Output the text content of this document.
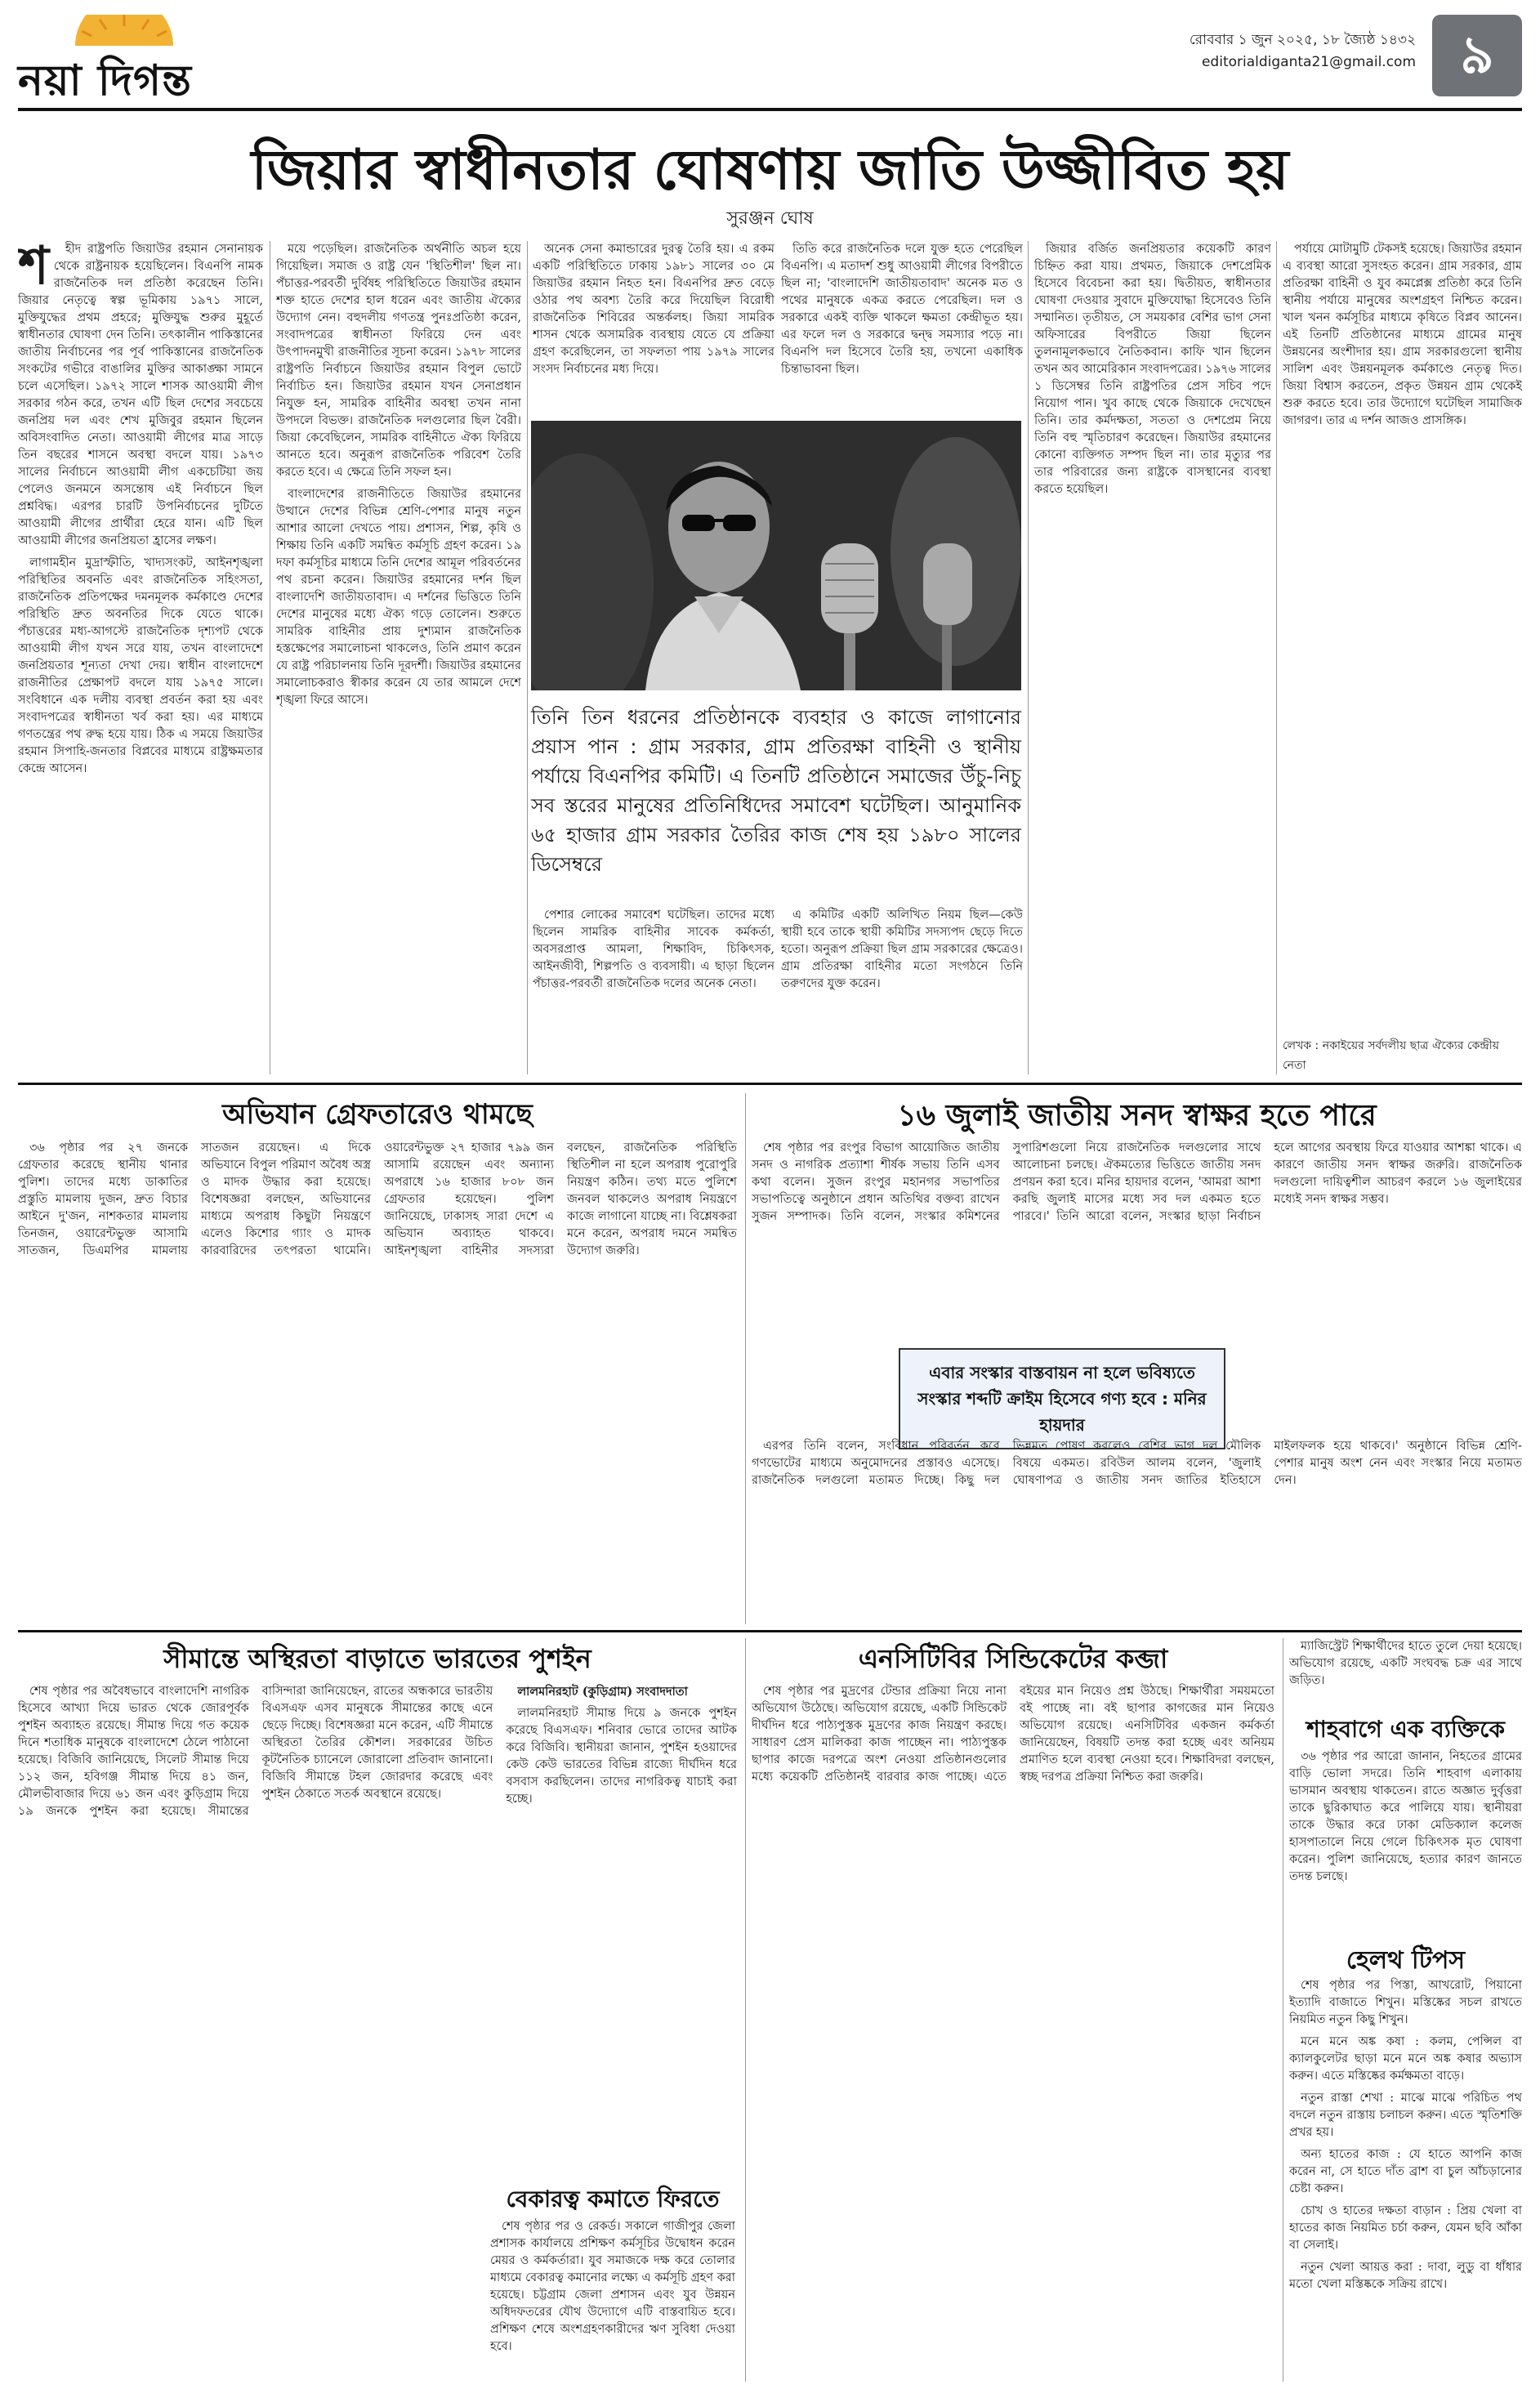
নয়া দিগন্ত
রোববার ১ জুন ২০২৫, ১৮ জ্যৈষ্ঠ ১৪৩২
editorialdiganta21@gmail.com ৯
জিয়ার স্বাধীনতার ঘোষণায় জাতি উজ্জীবিত হয়
সুরঞ্জন ঘোষ
শ	হীদ রাষ্ট্রপতি জিয়াউর রহমান সেনানায়ক থেকে রাষ্ট্রনায়ক হয়েছিলেন। বিএনপি নামক রাজনৈতিক দল প্রতিষ্ঠা করেছেন তিনি। জিয়ার নেতৃত্বে স্বল্প ভূমিকায় ১৯৭১ সালে, মুক্তিযুদ্ধের প্রথম প্রহরে; মুক্তিযুদ্ধ শুরুর মুহূর্তে স্বাধীনতার ঘোষণা দেন তিনি। তৎকালীন পাকিস্তানের জাতীয় নির্বাচনের পর পূর্ব পাকিস্তানের রাজনৈতিক সংকটের গভীরে বাঙালির মুক্তির আকাঙ্ক্ষা সামনে চলে এসেছিল। ১৯৭২ সালে শাসক আওয়ামী লীগ সরকার গঠন করে, তখন এটি ছিল দেশের সবচেয়ে জনপ্রিয় দল এবং শেখ মুজিবুর রহমান ছিলেন অবিসংবাদিত নেতা। আওয়ামী লীগের মাত্র সাড়ে তিন বছরের শাসনে অবস্থা বদলে যায়। ১৯৭৩ সালের নির্বাচনে আওয়ামী লীগ একচেটিয়া জয় পেলেও জনমনে অসন্তোষ এই নির্বাচনে ছিল প্রশ্নবিদ্ধ। এরপর চারটি উপনির্বাচনের দুটিতে আওয়ামী লীগের প্রার্থীরা হেরে যান। এটি ছিল আওয়ামী লীগের জনপ্রিয়তা হ্রাসের লক্ষণ।

লাগামহীন মুদ্রাস্ফীতি, খাদ্যসংকট, আইনশৃঙ্খলা পরিস্থিতির অবনতি এবং রাজনৈতিক সহিংসতা, রাজনৈতিক প্রতিপক্ষের দমনমূলক কর্মকাণ্ডে দেশের পরিস্থিতি দ্রুত অবনতির দিকে যেতে থাকে। পঁচাত্তরের মধ্য-আগস্টে রাজনৈতিক দৃশ্যপট থেকে আওয়ামী লীগ যখন সরে যায়, তখন বাংলাদেশে জনপ্রিয়তার শূন্যতা দেখা দেয়। স্বাধীন বাংলাদেশে রাজনীতির প্রেক্ষাপট বদলে যায় ১৯৭৫ সালে। সংবিধানে এক দলীয় ব্যবস্থা প্রবর্তন করা হয় এবং সংবাদপত্রের স্বাধীনতা খর্ব করা হয়। এর মাধ্যমে গণতন্ত্রের পথ রুদ্ধ হয়ে যায়। ঠিক এ সময়ে জিয়াউর রহমান সিপাহি-জনতার বিপ্লবের মাধ্যমে রাষ্ট্রক্ষমতার কেন্দ্রে আসেন।

ময়ে পড়েছিল। রাজনৈতিক অর্থনীতি অচল হয়ে গিয়েছিল। সমাজ ও রাষ্ট্র যেন 'স্থিতিশীল' ছিল না। পঁচাত্তর-পরবর্তী দুর্বিষহ পরিস্থিতিতে জিয়াউর রহমান শক্ত হাতে দেশের হাল ধরেন এবং জাতীয় ঐক্যের উদ্যোগ নেন। বহুদলীয় গণতন্ত্র পুনঃপ্রতিষ্ঠা করেন, সংবাদপত্রের স্বাধীনতা ফিরিয়ে দেন এবং উৎপাদনমুখী রাজনীতির সূচনা করেন। ১৯৭৮ সালের রাষ্ট্রপতি নির্বাচনে জিয়াউর রহমান বিপুল ভোটে নির্বাচিত হন। জিয়াউর রহমান যখন সেনাপ্রধান নিযুক্ত হন, সামরিক বাহিনীর অবস্থা তখন নানা উপদলে বিভক্ত। রাজনৈতিক দলগুলোর ছিল বৈরী। জিয়া কেবেছিলেন, সামরিক বাহিনীতে ঐক্য ফিরিয়ে আনতে হবে। অনুরূপ রাজনৈতিক পরিবেশ তৈরি করতে হবে। এ ক্ষেত্রে তিনি সফল হন।

বাংলাদেশের রাজনীতিতে জিয়াউর রহমানের উত্থানে দেশের বিভিন্ন শ্রেণি-পেশার মানুষ নতুন আশার আলো দেখতে পায়। প্রশাসন, শিল্প, কৃষি ও শিক্ষায় তিনি একটি সমন্বিত কর্মসূচি গ্রহণ করেন। ১৯ দফা কর্মসূচির মাধ্যমে তিনি দেশের আমূল পরিবর্তনের পথ রচনা করেন। জিয়াউর রহমানের দর্শন ছিল বাংলাদেশি জাতীয়তাবাদ। এ দর্শনের ভিত্তিতে তিনি দেশের মানুষের মধ্যে ঐক্য গড়ে তোলেন। শুরুতে সামরিক বাহিনীর প্রায় দুশ্যমান রাজনৈতিক হস্তক্ষেপের সমালোচনা থাকলেও, তিনি প্রমাণ করেন যে রাষ্ট্র পরিচালনায় তিনি দূরদর্শী। জিয়াউর রহমানের সমালোচকরাও স্বীকার করেন যে তার আমলে দেশে শৃঙ্খলা ফিরে আসে।

অনেক সেনা কমান্ডারের দুরত্ব তৈরি হয়। এ রকম একটি পরিস্থিতিতে ঢাকায় ১৯৮১ সালের ৩০ মে জিয়াউর রহমান নিহত হন। বিএনপির দ্রুত বেড়ে ওঠার পথ অবশ্য তৈরি করে দিয়েছিল বিরোধী রাজনৈতিক শিবিরের অন্তর্কলহ। জিয়া সামরিক শাসন থেকে অসামরিক ব্যবস্থায় যেতে যে প্রক্রিয়া গ্রহণ করেছিলেন, তা সফলতা পায় ১৯৭৯ সালের সংসদ নির্বাচনের মধ্য দিয়ে।

তিতি করে রাজনৈতিক দলে যুক্ত হতে পেরেছিল বিএনপি। এ মতাদর্শ শুধু আওয়ামী লীগের বিপরীতে ছিল না; 'বাংলাদেশি জাতীয়তাবাদ' অনেক মত ও পথের মানুষকে একত্র করতে পেরেছিল। দল ও সরকারে একই ব্যক্তি থাকলে ক্ষমতা কেন্দ্রীভূত হয়। এর ফলে দল ও সরকারে দ্বন্দ্ব সমস্যার পড়ে না। বিএনপি দল হিসেবে তৈরি হয়, তখনো একাধিক চিন্তাভাবনা ছিল।

তিনি তিন ধরনের প্রতিষ্ঠানকে ব্যবহার ও কাজে লাগানোর প্রয়াস পান : গ্রাম সরকার, গ্রাম প্রতিরক্ষা বাহিনী ও স্থানীয় পর্যায়ে বিএনপির কমিটি। এ তিনটি প্রতিষ্ঠানে সমাজের উঁচু-নিচু সব স্তরের মানুষের প্রতিনিধিদের সমাবেশ ঘটেছিল। আনুমানিক ৬৫ হাজার গ্রাম সরকার তৈরির কাজ শেষ হয় ১৯৮০ সালের ডিসেম্বরে

পেশার লোকের সমাবেশ ঘটেছিল। তাদের মধ্যে ছিলেন সামরিক বাহিনীর সাবেক কর্মকর্তা, অবসরপ্রাপ্ত আমলা, শিক্ষাবিদ, চিকিৎসক, আইনজীবী, শিল্পপতি ও ব্যবসায়ী। এ ছাড়া ছিলেন পঁচাত্তর-পরবর্তী রাজনৈতিক দলের অনেক নেতা।

এ কমিটির একটি অলিখিত নিয়ম ছিল—কেউ স্থায়ী হবে তাকে স্থায়ী কমিটির সদস্যপদ ছেড়ে দিতে হতো। অনুরূপ প্রক্রিয়া ছিল গ্রাম সরকারের ক্ষেত্রেও। গ্রাম প্রতিরক্ষা বাহিনীর মতো সংগঠনে তিনি তরুণদের যুক্ত করেন।

জিয়ার বর্জিত জনপ্রিয়তার কয়েকটি কারণ চিহ্নিত করা যায়। প্রথমত, জিয়াকে দেশপ্রেমিক হিসেবে বিবেচনা করা হয়। দ্বিতীয়ত, স্বাধীনতার ঘোষণা দেওয়ার সুবাদে মুক্তিযোদ্ধা হিসেবেও তিনি সম্মানিত। তৃতীয়ত, সে সময়কার বেশির ভাগ সেনা অফিসারের বিপরীতে জিয়া ছিলেন তুলনামূলকভাবে নৈতিকবান। কাফি খান ছিলেন তখন অব আমেরিকান সংবাদপত্রের। ১৯৭৬ সালের ১ ডিসেম্বর তিনি রাষ্ট্রপতির প্রেস সচিব পদে নিয়োগ পান। খুব কাছে থেকে জিয়াকে দেখেছেন তিনি। তার কর্মদক্ষতা, সততা ও দেশপ্রেম নিয়ে তিনি বহু স্মৃতিচারণ করেছেন। জিয়াউর রহমানের কোনো ব্যক্তিগত সম্পদ ছিল না। তার মৃত্যুর পর তার পরিবারের জন্য রাষ্ট্রকে বাসস্থানের ব্যবস্থা করতে হয়েছিল।

পর্যায়ে মোটামুটি টেকসই হয়েছে। জিয়াউর রহমান এ ব্যবস্থা আরো সুসংহত করেন। গ্রাম সরকার, গ্রাম প্রতিরক্ষা বাহিনী ও যুব কমপ্লেক্স প্রতিষ্ঠা করে তিনি স্থানীয় পর্যায়ে মানুষের অংশগ্রহণ নিশ্চিত করেন। খাল খনন কর্মসূচির মাধ্যমে কৃষিতে বিপ্লব আনেন। এই তিনটি প্রতিষ্ঠানের মাধ্যমে গ্রামের মানুষ উন্নয়নের অংশীদার হয়। গ্রাম সরকারগুলো স্থানীয় সালিশ এবং উন্নয়নমূলক কর্মকাণ্ডে নেতৃত্ব দিত। জিয়া বিশ্বাস করতেন, প্রকৃত উন্নয়ন গ্রাম থেকেই শুরু করতে হবে। তার উদ্যোগে ঘটেছিল সামাজিক জাগরণ। তার এ দর্শন আজও প্রাসঙ্গিক।

লেখক : নকাইয়ের সর্বদলীয় ছাত্র ঐক্যের কেন্দ্রীয় নেতা
অভিযান গ্রেফতারেও থামছে

৩৬ পৃষ্ঠার পর ২৭ জনকে গ্রেফতার করেছে স্থানীয় থানার পুলিশ। তাদের মধ্যে ডাকাতির প্রস্তুতি মামলায় দুজন, দ্রুত বিচার আইনে দু'জন, নাশকতার মামলায় তিনজন, ওয়ারেন্টভুক্ত আসামি সাতজন, ডিএমপির মামলায় সাতজন রয়েছেন। এ দিকে অভিযানে বিপুল পরিমাণ অবৈধ অস্ত্র ও মাদক উদ্ধার করা হয়েছে। বিশেষজ্ঞরা বলছেন, অভিযানের মাধ্যমে অপরাধ কিছুটা নিয়ন্ত্রণে এলেও কিশোর গ্যাং ও মাদক কারবারিদের তৎপরতা থামেনি। ওয়ারেন্টভুক্ত ২৭ হাজার ৭৯৯ জন আসামি রয়েছেন এবং অন্যান্য অপরাধে ১৬ হাজার ৮০৮ জন গ্রেফতার হয়েছেন। পুলিশ জানিয়েছে, ঢাকাসহ সারা দেশে এ অভিযান অব্যাহত থাকবে। আইনশৃঙ্খলা বাহিনীর সদস্যরা বলছেন, রাজনৈতিক পরিস্থিতি স্থিতিশীল না হলে অপরাধ পুরোপুরি নিয়ন্ত্রণ কঠিন। তথ্য মতে পুলিশে জনবল থাকলেও অপরাধ নিয়ন্ত্রণে কাজে লাগানো যাচ্ছে না। বিশ্লেষকরা মনে করেন, অপরাধ দমনে সমন্বিত উদ্যোগ জরুরি।

১৬ জুলাই জাতীয় সনদ স্বাক্ষর হতে পারে

শেষ পৃষ্ঠার পর রংপুর বিভাগ আয়োজিত জাতীয় সনদ ও নাগরিক প্রত্যাশা শীর্ষক সভায় তিনি এসব কথা বলেন। সুজন রংপুর মহানগর সভাপতির সভাপতিত্বে অনুষ্ঠানে প্রধান অতিথির বক্তব্য রাখেন সুজন সম্পাদক। তিনি বলেন, সংস্কার কমিশনের সুপারিশগুলো নিয়ে রাজনৈতিক দলগুলোর সাথে আলোচনা চলছে। ঐকমত্যের ভিত্তিতে জাতীয় সনদ প্রণয়ন করা হবে। মনির হায়দার বলেন, 'আমরা আশা করছি জুলাই মাসের মধ্যে সব দল একমত হতে পারবে।' তিনি আরো বলেন, সংস্কার ছাড়া নির্বাচন হলে আগের অবস্থায় ফিরে যাওয়ার আশঙ্কা থাকে। এ কারণে জাতীয় সনদ স্বাক্ষর জরুরি। রাজনৈতিক দলগুলো দায়িত্বশীল আচরণ করলে ১৬ জুলাইয়ের মধ্যেই সনদ স্বাক্ষর সম্ভব।

এবার সংস্কার বাস্তবায়ন না হলে ভবিষ্যতে সংস্কার শব্দটি ক্রাইম হিসেবে গণ্য হবে : মনির হায়দার

এরপর তিনি বলেন, সংবিধান পরিবর্তন করে গণভোটের মাধ্যমে অনুমোদনের প্রস্তাবও এসেছে। রাজনৈতিক দলগুলো মতামত দিচ্ছে। কিছু দল ভিন্নমত পোষণ করলেও বেশির ভাগ দল মৌলিক বিষয়ে একমত। রবিউল আলম বলেন, 'জুলাই ঘোষণাপত্র ও জাতীয় সনদ জাতির ইতিহাসে মাইলফলক হয়ে থাকবে।' অনুষ্ঠানে বিভিন্ন শ্রেণি-পেশার মানুষ অংশ নেন এবং সংস্কার নিয়ে মতামত দেন।

সীমান্তে অস্থিরতা বাড়াতে ভারতের পুশইন

শেষ পৃষ্ঠার পর অবৈধভাবে বাংলাদেশি নাগরিক হিসেবে আখ্যা দিয়ে ভারত থেকে জোরপূর্বক পুশইন অব্যাহত রয়েছে। সীমান্ত দিয়ে গত কয়েক দিনে শতাধিক মানুষকে বাংলাদেশে ঠেলে পাঠানো হয়েছে। বিজিবি জানিয়েছে, সিলেট সীমান্ত দিয়ে ১১২ জন, হবিগঞ্জ সীমান্ত দিয়ে ৪১ জন, মৌলভীবাজার দিয়ে ৬১ জন এবং কুড়িগ্রাম দিয়ে ১৯ জনকে পুশইন করা হয়েছে। সীমান্তের বাসিন্দারা জানিয়েছেন, রাতের অন্ধকারে ভারতীয় বিএসএফ এসব মানুষকে সীমান্তের কাছে এনে ছেড়ে দিচ্ছে। বিশেষজ্ঞরা মনে করেন, এটি সীমান্তে অস্থিরতা তৈরির কৌশল। সরকারের উচিত কূটনৈতিক চ্যানেলে জোরালো প্রতিবাদ জানানো। বিজিবি সীমান্তে টহল জোরদার করেছে এবং পুশইন ঠেকাতে সতর্ক অবস্থানে রয়েছে।

লালমনিরহাট (কুড়িগ্রাম) সংবাদদাতা

লালমনিরহাট সীমান্ত দিয়ে ৯ জনকে পুশইন করেছে বিএসএফ। শনিবার ভোরে তাদের আটক করে বিজিবি। স্থানীয়রা জানান, পুশইন হওয়াদের কেউ কেউ ভারতের বিভিন্ন রাজ্যে দীর্ঘদিন ধরে বসবাস করছিলেন। তাদের নাগরিকত্ব যাচাই করা হচ্ছে।

বেকারত্ব কমাতে ফিরতে

শেষ পৃষ্ঠার পর ও রেকর্ড। সকালে গাজীপুর জেলা প্রশাসক কার্যালয়ে প্রশিক্ষণ কর্মসূচির উদ্বোধন করেন মেয়র ও কর্মকর্তারা। যুব সমাজকে দক্ষ করে তোলার মাধ্যমে বেকারত্ব কমানোর লক্ষ্যে এ কর্মসূচি গ্রহণ করা হয়েছে। চট্টগ্রাম জেলা প্রশাসন এবং যুব উন্নয়ন অধিদফতরের যৌথ উদ্যোগে এটি বাস্তবায়িত হবে। প্রশিক্ষণ শেষে অংশগ্রহণকারীদের ঋণ সুবিধা দেওয়া হবে।

এনসিটিবির সিন্ডিকেটের কব্জা

শেষ পৃষ্ঠার পর মুদ্রণের টেন্ডার প্রক্রিয়া নিয়ে নানা অভিযোগ উঠেছে। অভিযোগ রয়েছে, একটি সিন্ডিকেট দীর্ঘদিন ধরে পাঠ্যপুস্তক মুদ্রণের কাজ নিয়ন্ত্রণ করছে। সাধারণ প্রেস মালিকরা কাজ পাচ্ছেন না। পাঠ্যপুস্তক ছাপার কাজে দরপত্রে অংশ নেওয়া প্রতিষ্ঠানগুলোর মধ্যে কয়েকটি প্রতিষ্ঠানই বারবার কাজ পাচ্ছে। এতে বইয়ের মান নিয়েও প্রশ্ন উঠছে। শিক্ষার্থীরা সময়মতো বই পাচ্ছে না। বই ছাপার কাগজের মান নিয়েও অভিযোগ রয়েছে। এনসিটিবির একজন কর্মকর্তা জানিয়েছেন, বিষয়টি তদন্ত করা হচ্ছে এবং অনিয়ম প্রমাণিত হলে ব্যবস্থা নেওয়া হবে। শিক্ষাবিদরা বলছেন, স্বচ্ছ দরপত্র প্রক্রিয়া নিশ্চিত করা জরুরি।

ম্যাজিস্ট্রেট শিক্ষার্থীদের হাতে তুলে দেয়া হয়েছে। অভিযোগ রয়েছে, একটি সংঘবদ্ধ চক্র এর সাথে জড়িত।

শাহবাগে এক ব্যক্তিকে

৩৬ পৃষ্ঠার পর আরো জানান, নিহতের গ্রামের বাড়ি ভোলা সদরে। তিনি শাহবাগ এলাকায় ভাসমান অবস্থায় থাকতেন। রাতে অজ্ঞাত দুর্বৃত্তরা তাকে ছুরিকাঘাত করে পালিয়ে যায়। স্থানীয়রা তাকে উদ্ধার করে ঢাকা মেডিক্যাল কলেজ হাসপাতালে নিয়ে গেলে চিকিৎসক মৃত ঘোষণা করেন। পুলিশ জানিয়েছে, হত্যার কারণ জানতে তদন্ত চলছে।

হেলথ টিপস

শেষ পৃষ্ঠার পর পিস্তা, আখরোট, পিয়ানো ইত্যাদি বাজাতে শিখুন। মস্তিষ্কের সচল রাখতে নিয়মিত নতুন কিছু শিখুন।

মনে মনে অঙ্ক কষা : কলম, পেন্সিল বা ক্যালকুলেটর ছাড়া মনে মনে অঙ্ক কষার অভ্যাস করুন। এতে মস্তিষ্কের কর্মক্ষমতা বাড়ে।

নতুন রাস্তা শেখা : মাঝে মাঝে পরিচিত পথ বদলে নতুন রাস্তায় চলাচল করুন। এতে স্মৃতিশক্তি প্রখর হয়।

অন্য হাতের কাজ : যে হাতে আপনি কাজ করেন না, সে হাতে দাঁত ব্রাশ বা চুল আঁচড়ানোর চেষ্টা করুন।

চোখ ও হাতের দক্ষতা বাড়ান : প্রিয় খেলা বা হাতের কাজ নিয়মিত চর্চা করুন, যেমন ছবি আঁকা বা সেলাই।

নতুন খেলা আয়ত্ত করা : দাবা, লুডু বা ধাঁধার মতো খেলা মস্তিষ্ককে সক্রিয় রাখে।
